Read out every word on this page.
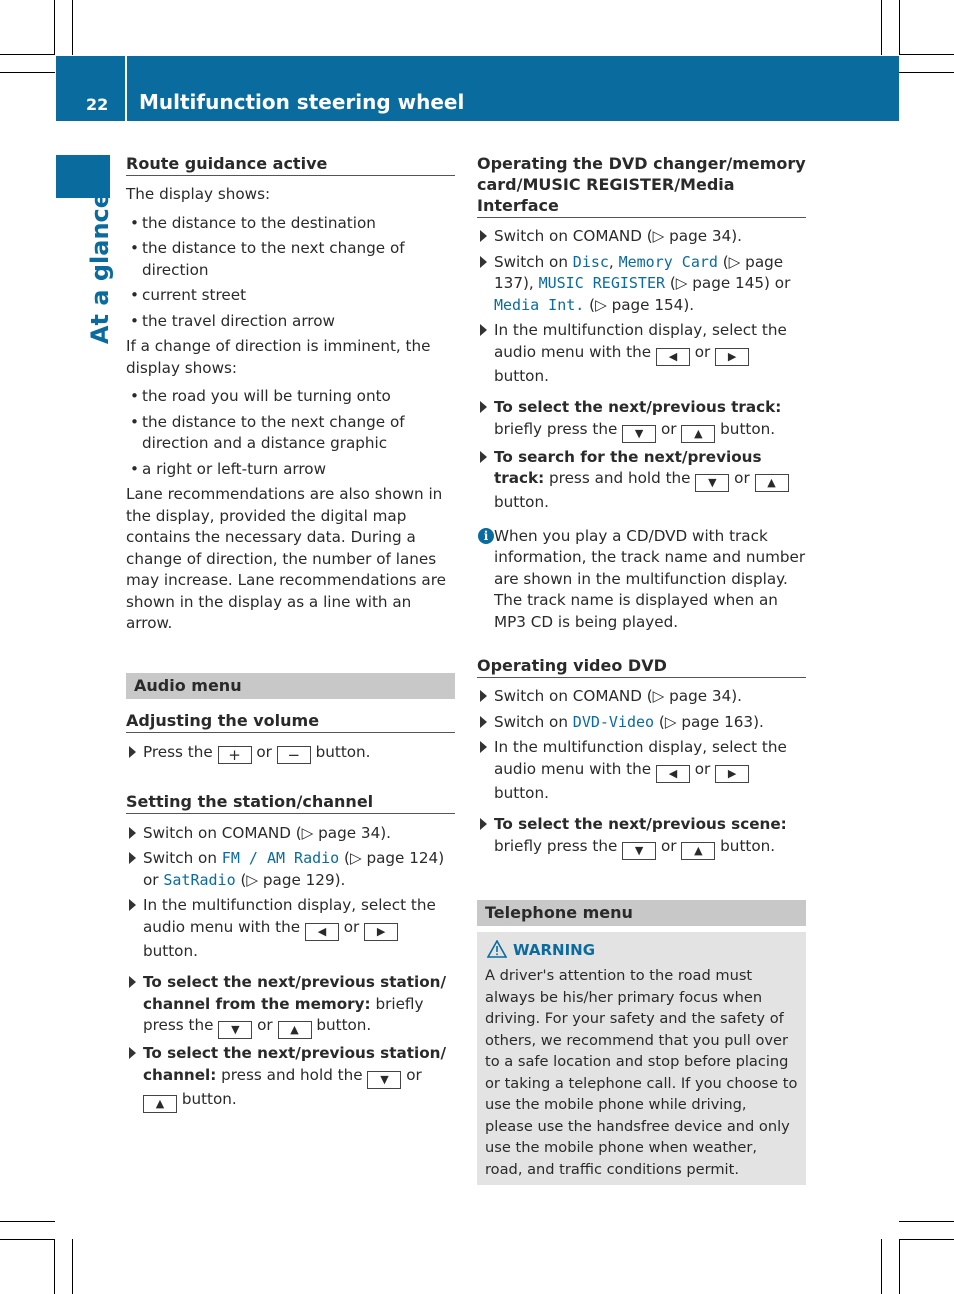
22 Multifunction steering wheel
At a glance
Route guidance active

The display shows:

• the distance to the destination
• the distance to the next change of direction
• current street
• the travel direction arrow

If a change of direction is imminent, the display shows:

• the road you will be turning onto
• the distance to the next change of direction and a distance graphic
• a right or left-turn arrow

Lane recommendations are also shown in the display, provided the digital map contains the necessary data. During a change of direction, the number of lanes may increase. Lane recommendations are shown in the display as a line with an arrow.

Audio menu
Adjusting the volume
Press the + or − button.
Setting the station/channel
Switch on COMAND (▷ page 34).
Switch on FM / AM Radio (▷ page 124) or SatRadio (▷ page 129).
In the multifunction display, select the audio menu with the ◀ or ▶ button.
To select the next/previous station/ channel from the memory: briefly press the ▼ or ▲ button.
To select the next/previous station/ channel: press and hold the ▼ or ▲ button.
Operating the DVD changer/memory card/MUSIC REGISTER/Media Interface
Switch on COMAND (▷ page 34).
Switch on Disc, Memory Card (▷ page 137), MUSIC REGISTER (▷ page 145) or Media Int. (▷ page 154).
In the multifunction display, select the audio menu with the ◀ or ▶ button.
To select the next/previous track: briefly press the ▼ or ▲ button.
To search for the next/previous track: press and hold the ▼ or ▲ button.
i When you play a CD/DVD with track information, the track name and number are shown in the multifunction display. The track name is displayed when an MP3 CD is being played.
Operating video DVD
Switch on COMAND (▷ page 34).
Switch on DVD-Video (▷ page 163).
In the multifunction display, select the audio menu with the ◀ or ▶ button.
To select the next/previous scene: briefly press the ▼ or ▲ button.
Telephone menu
WARNING

A driver's attention to the road must always be his/her primary focus when driving. For your safety and the safety of others, we recommend that you pull over to a safe location and stop before placing or taking a telephone call. If you choose to use the mobile phone while driving, please use the handsfree device and only use the mobile phone when weather, road, and traffic conditions permit.
